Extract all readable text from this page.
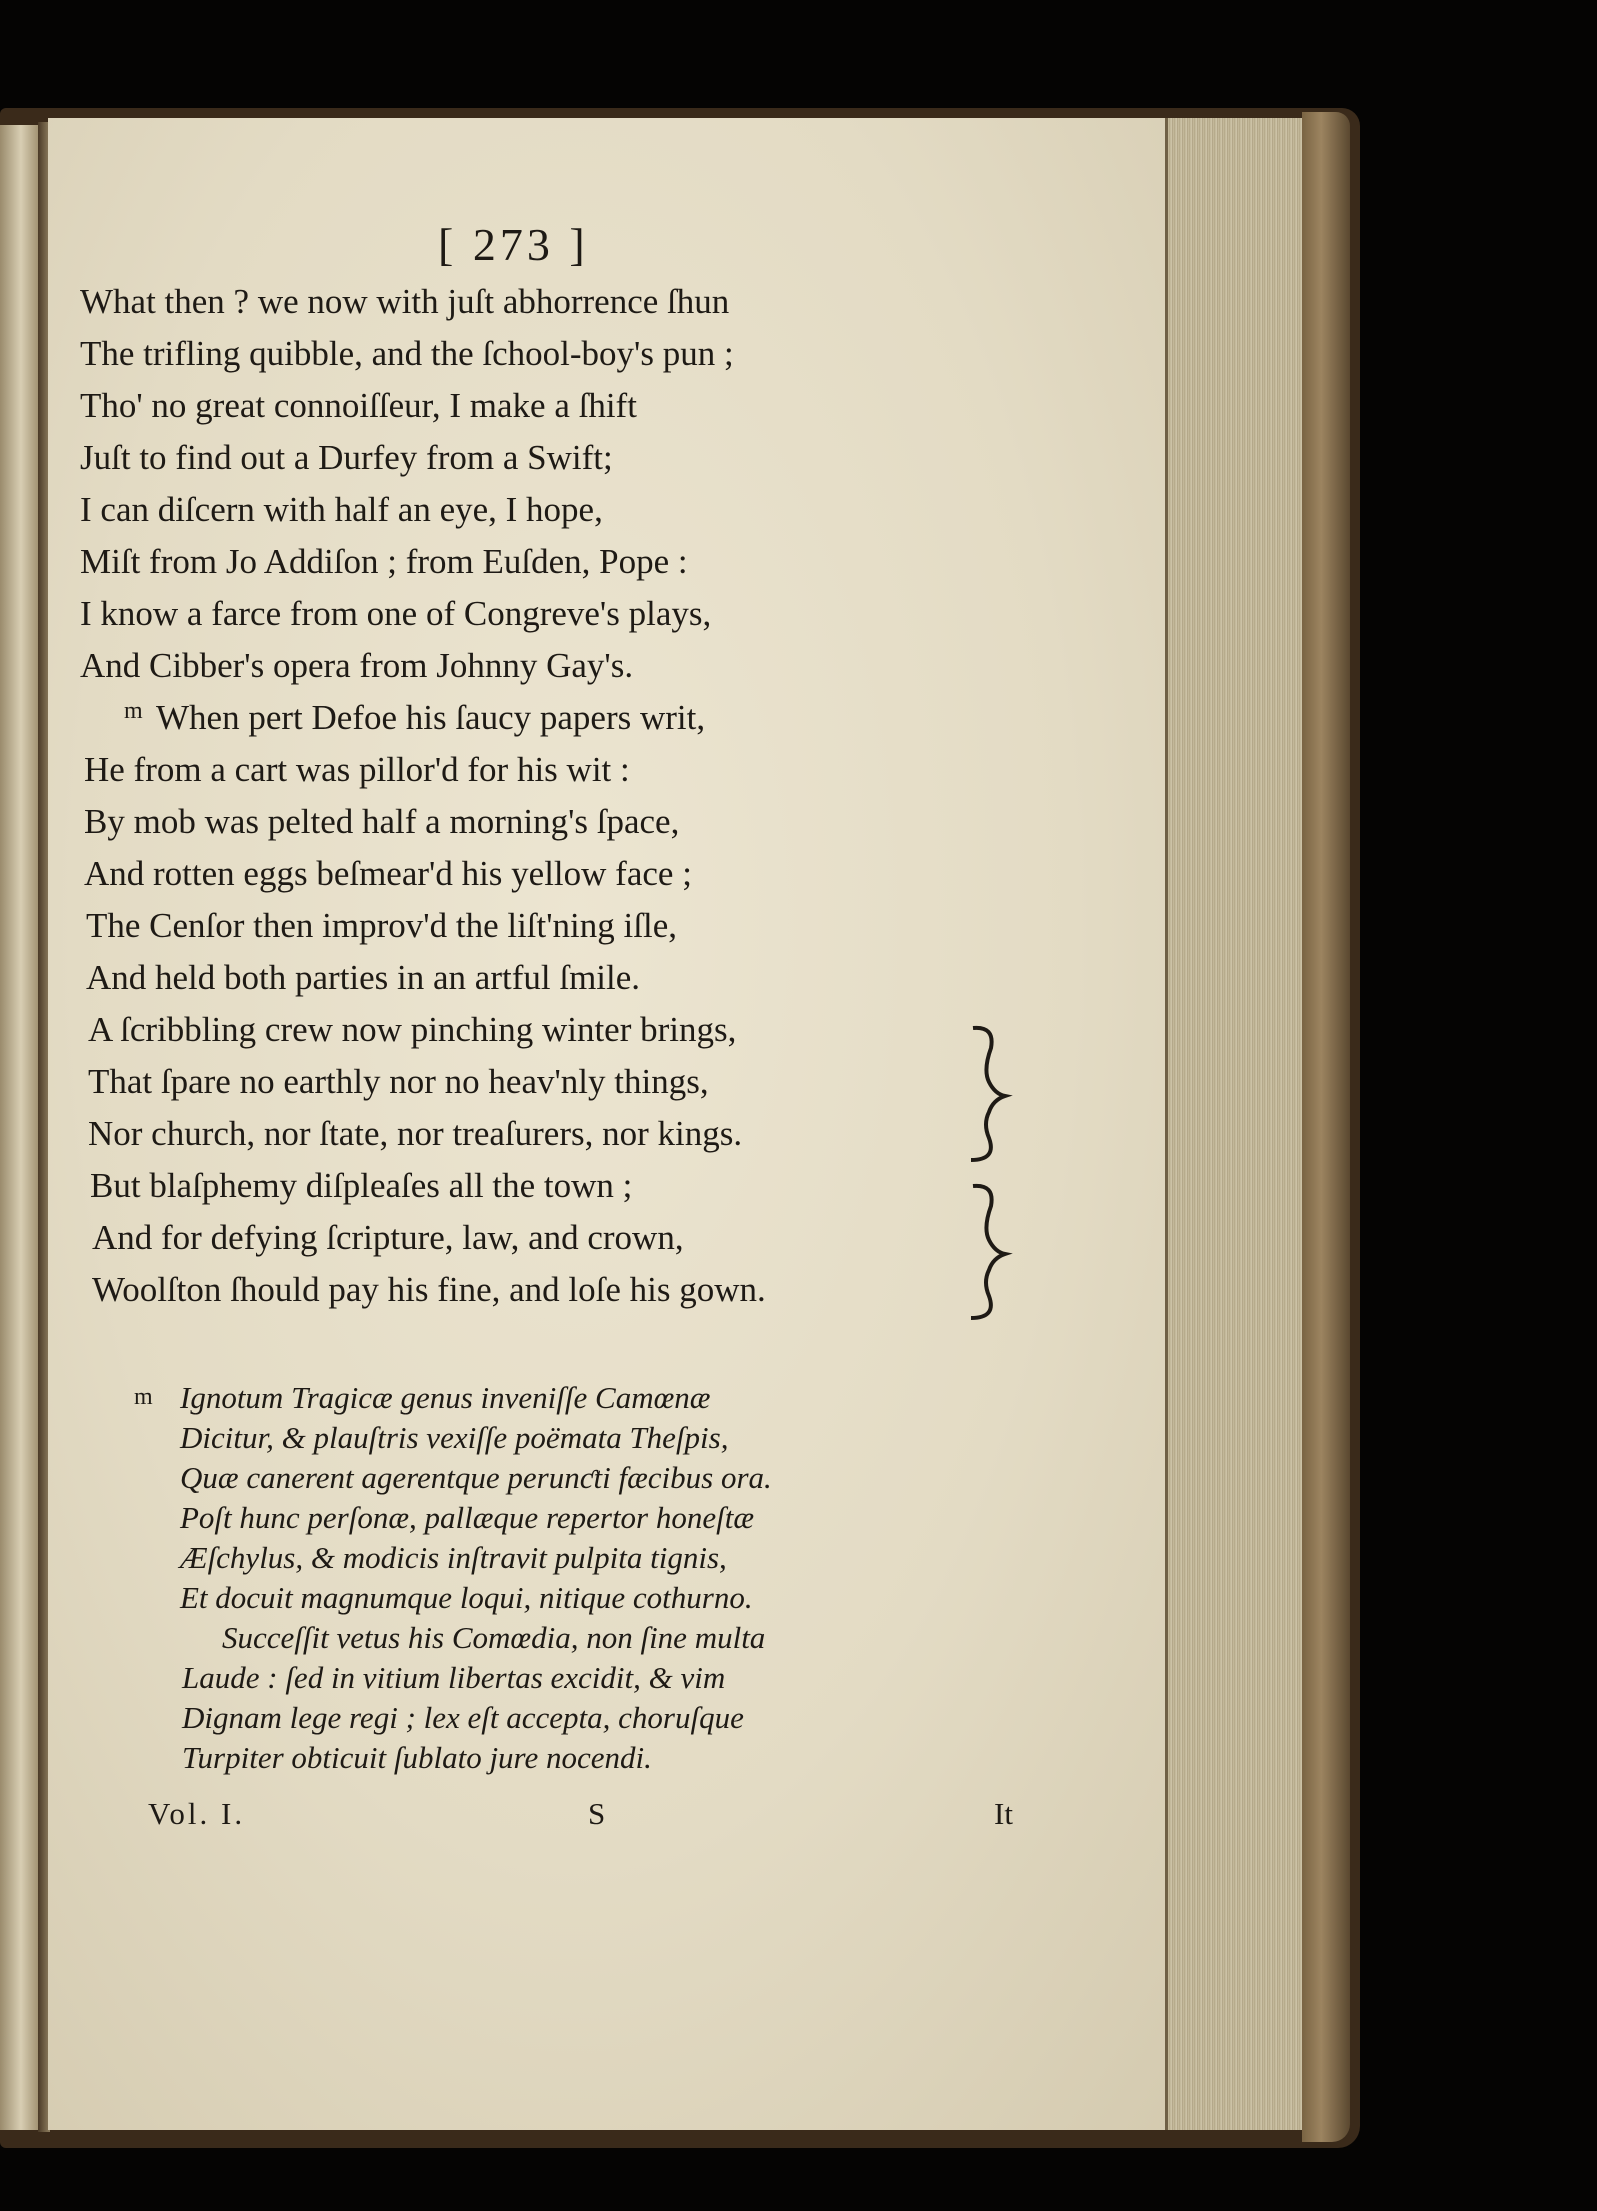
[ 273 ]
What then ? we now with juſt abhorrence ſhun
The trifling quibble, and the ſchool-boy's pun ;
Tho' no great connoiſſeur, I make a ſhift
Juſt to find out a Durfey from a Swift;
I can diſcern with half an eye, I hope,
Miſt from Jo Addiſon ; from Euſden, Pope :
I know a farce from one of Congreve's plays,
And Cibber's opera from Johnny Gay's.
m When pert Defoe his ſaucy papers writ,
He from a cart was pillor'd for his wit :
By mob was pelted half a morning's ſpace,
And rotten eggs beſmear'd his yellow face ;
The Cenſor then improv'd the liſt'ning iſle,
And held both parties in an artful ſmile.
A ſcribbling crew now pinching winter brings,
That ſpare no earthly nor no heav'nly things,
Nor church, nor ſtate, nor treaſurers, nor kings.
But blaſphemy diſpleaſes all the town ;
And for defying ſcripture, law, and crown,
Woolſton ſhould pay his fine, and loſe his gown.
m Ignotum Tragicæ genus inveniſſe Camœnæ
Dicitur, & plauſtris vexiſſe poëmata Theſpis,
Quæ canerent agerentque perunƈti fæcibus ora.
Poſt hunc perſonæ, pallæque repertor honeſtæ
Æſchylus, & modicis inſtravit pulpita tignis,
Et docuit magnumque loqui, nitique cothurno.
Succeſſit vetus his Comœdia, non ſine multa
Laude : ſed in vitium libertas excidit, & vim
Dignam lege regi ; lex eſt accepta, choruſque
Turpiter obticuit ſublato jure nocendi.
Vol. I.	S	It
